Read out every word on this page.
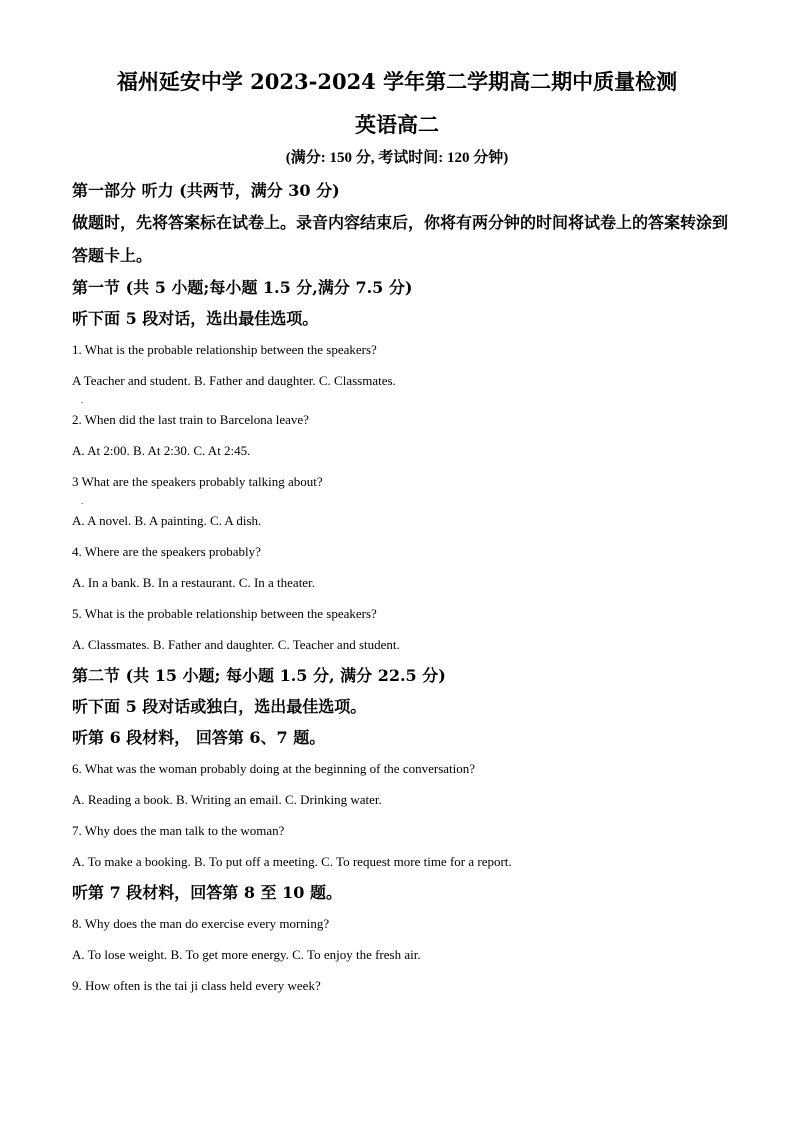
福州延安中学 2023-2024 学年第二学期高二期中质量检测
英语高二
(满分: 150 分, 考试时间: 120 分钟)
第一部分 听力 (共两节，满分 30 分)
做题时，先将答案标在试卷上。录音内容结束后，你将有两分钟的时间将试卷上的答案转涂到答题卡上。
第一节 (共 5 小题;每小题 1.5 分,满分 7.5 分)
听下面 5 段对话，选出最佳选项。
1. What is the probable relationship between the speakers?
A Teacher and student. B. Father and daughter. C. Classmates.
.
2. When did the last train to Barcelona leave?
A. At 2:00. B. At 2:30. C. At 2:45.
3 What are the speakers probably talking about?
.
A. A novel. B. A painting. C. A dish.
4. Where are the speakers probably?
A. In a bank. B. In a restaurant. C. In a theater.
5. What is the probable relationship between the speakers?
A. Classmates. B. Father and daughter. C. Teacher and student.
第二节 (共 15 小题; 每小题 1.5 分, 满分 22.5 分)
听下面 5 段对话或独白，选出最佳选项。
听第 6 段材料， 回答第 6、7 题。
6. What was the woman probably doing at the beginning of the conversation?
A. Reading a book. B. Writing an email. C. Drinking water.
7. Why does the man talk to the woman?
A. To make a booking. B. To put off a meeting. C. To request more time for a report.
听第 7 段材料，回答第 8 至 10 题。
8. Why does the man do exercise every morning?
A. To lose weight. B. To get more energy. C. To enjoy the fresh air.
9. How often is the tai ji class held every week?
